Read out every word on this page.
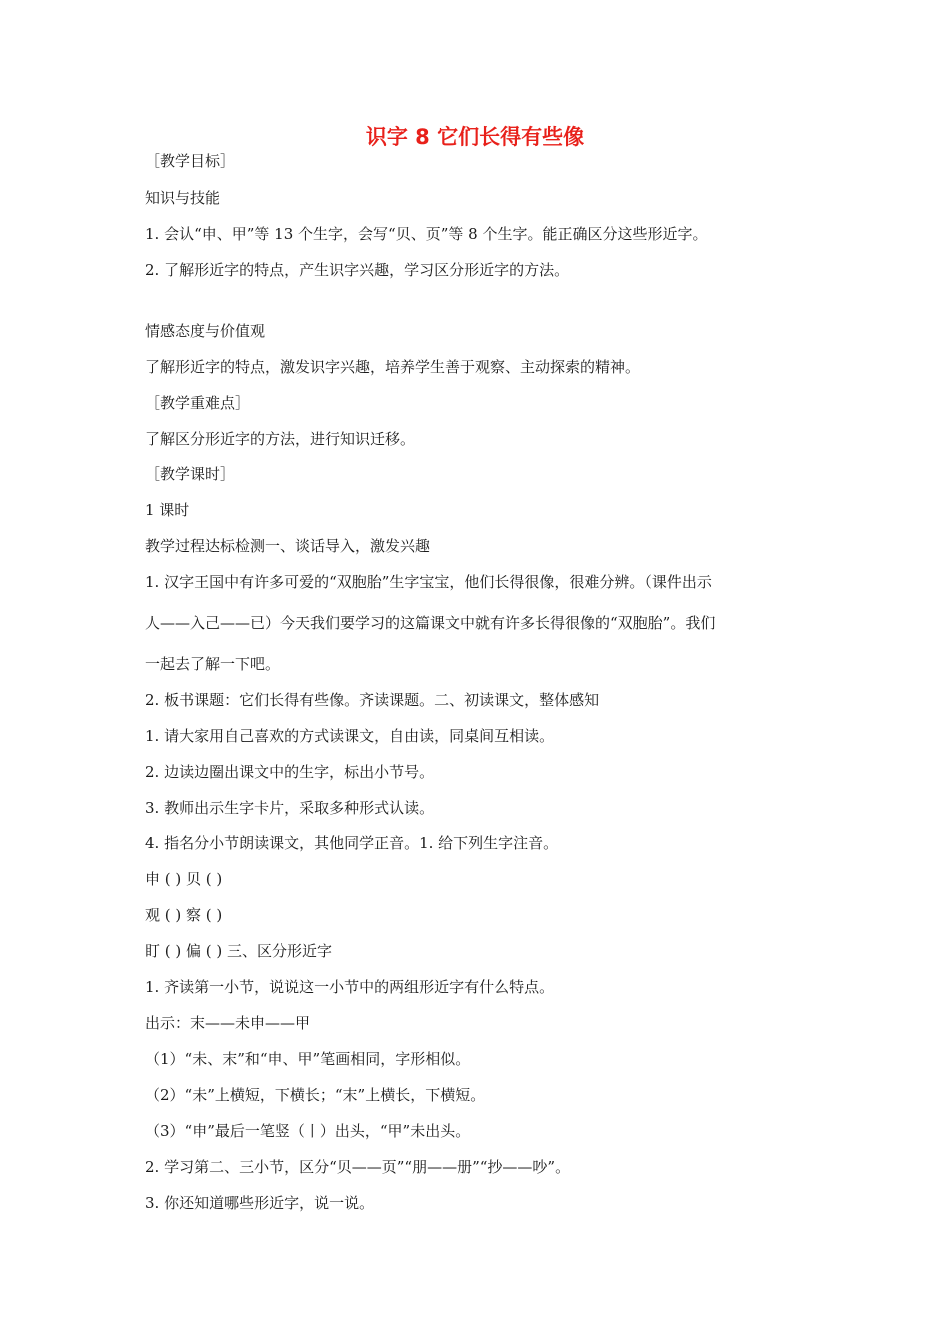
识字 8 它们长得有些像
［教学目标］
知识与技能
1. 会认“申、甲”等 13 个生字，会写“贝、页”等 8 个生字。能正确区分这些形近字。
2. 了解形近字的特点，产生识字兴趣，学习区分形近字的方法。
情感态度与价值观
了解形近字的特点，激发识字兴趣，培养学生善于观察、主动探索的精神。
［教学重难点］
了解区分形近字的方法，进行知识迁移。
［教学课时］
1 课时
教学过程达标检测一、谈话导入，激发兴趣
1. 汉字王国中有许多可爱的“双胞胎”生字宝宝，他们长得很像，很难分辨。（课件出示
人——入己——已）今天我们要学习的这篇课文中就有许多长得很像的“双胞胎”。我们
一起去了解一下吧。
2. 板书课题：它们长得有些像。齐读课题。二、初读课文，整体感知
1. 请大家用自己喜欢的方式读课文，自由读，同桌间互相读。
2. 边读边圈出课文中的生字，标出小节号。
3. 教师出示生字卡片，采取多种形式认读。
4. 指名分小节朗读课文，其他同学正音。1. 给下列生字注音。
申 ( ) 贝 ( )
观 ( ) 察 ( )
盯 ( ) 偏 ( ) 三、区分形近字
1. 齐读第一小节，说说这一小节中的两组形近字有什么特点。
出示：末——未申——甲
（1）“未、末”和“申、甲”笔画相同，字形相似。
（2）“未”上横短，下横长；“末”上横长，下横短。
（3）“申”最后一笔竖（丨）出头，“甲”未出头。
2. 学习第二、三小节，区分“贝——页”“朋——册”“抄——吵”。
3. 你还知道哪些形近字，说一说。
